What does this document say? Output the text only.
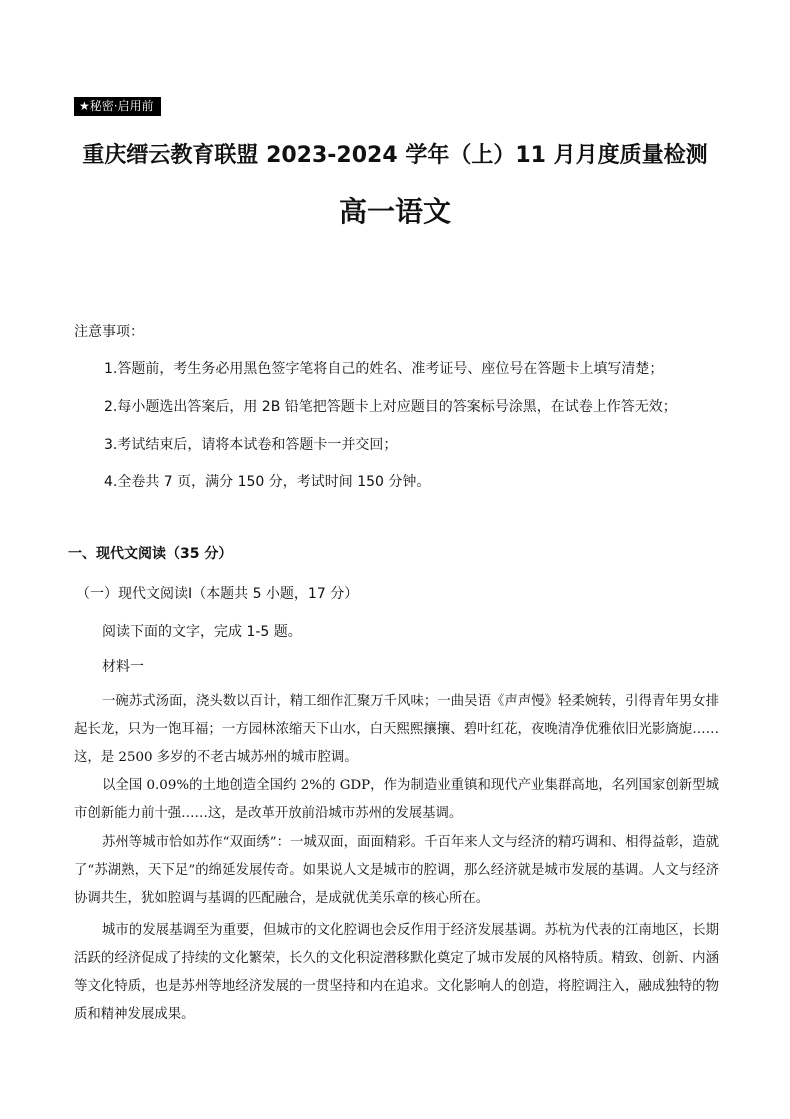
★秘密·启用前
重庆缙云教育联盟 2023-2024 学年（上）11 月月度质量检测
高一语文
注意事项：
1.答题前，考生务必用黑色签字笔将自己的姓名、准考证号、座位号在答题卡上填写清楚；
2.每小题选出答案后，用 2B 铅笔把答题卡上对应题目的答案标号涂黑，在试卷上作答无效；
3.考试结束后，请将本试卷和答题卡一并交回；
4.全卷共 7 页，满分 150 分，考试时间 150 分钟。
一、现代文阅读（35 分）
（一）现代文阅读Ⅰ（本题共 5 小题，17 分）
阅读下面的文字，完成 1-5 题。
材料一

一碗苏式汤面，浇头数以百计，精工细作汇聚万千风味；一曲吴语《声声慢》轻柔婉转，引得青年男女排起长龙，只为一饱耳福；一方园林浓缩天下山水，白天熙熙攘攘、碧叶红花，夜晚清净优雅依旧光影旖旎……这，是 2500 多岁的不老古城苏州的城市腔调。

以全国 0.09%的土地创造全国约 2%的 GDP，作为制造业重镇和现代产业集群高地，名列国家创新型城市创新能力前十强……这，是改革开放前沿城市苏州的发展基调。

苏州等城市恰如苏作“双面绣”：一城双面，面面精彩。千百年来人文与经济的精巧调和、相得益彰，造就了“苏湖熟，天下足”的绵延发展传奇。如果说人文是城市的腔调，那么经济就是城市发展的基调。人文与经济协调共生，犹如腔调与基调的匹配融合，是成就优美乐章的核心所在。

城市的发展基调至为重要，但城市的文化腔调也会反作用于经济发展基调。苏杭为代表的江南地区，长期活跃的经济促成了持续的文化繁荣，长久的文化积淀潜移默化奠定了城市发展的风格特质。精致、创新、内涵等文化特质，也是苏州等地经济发展的一贯坚持和内在追求。文化影响人的创造，将腔调注入，融成独特的物质和精神发展成果。
